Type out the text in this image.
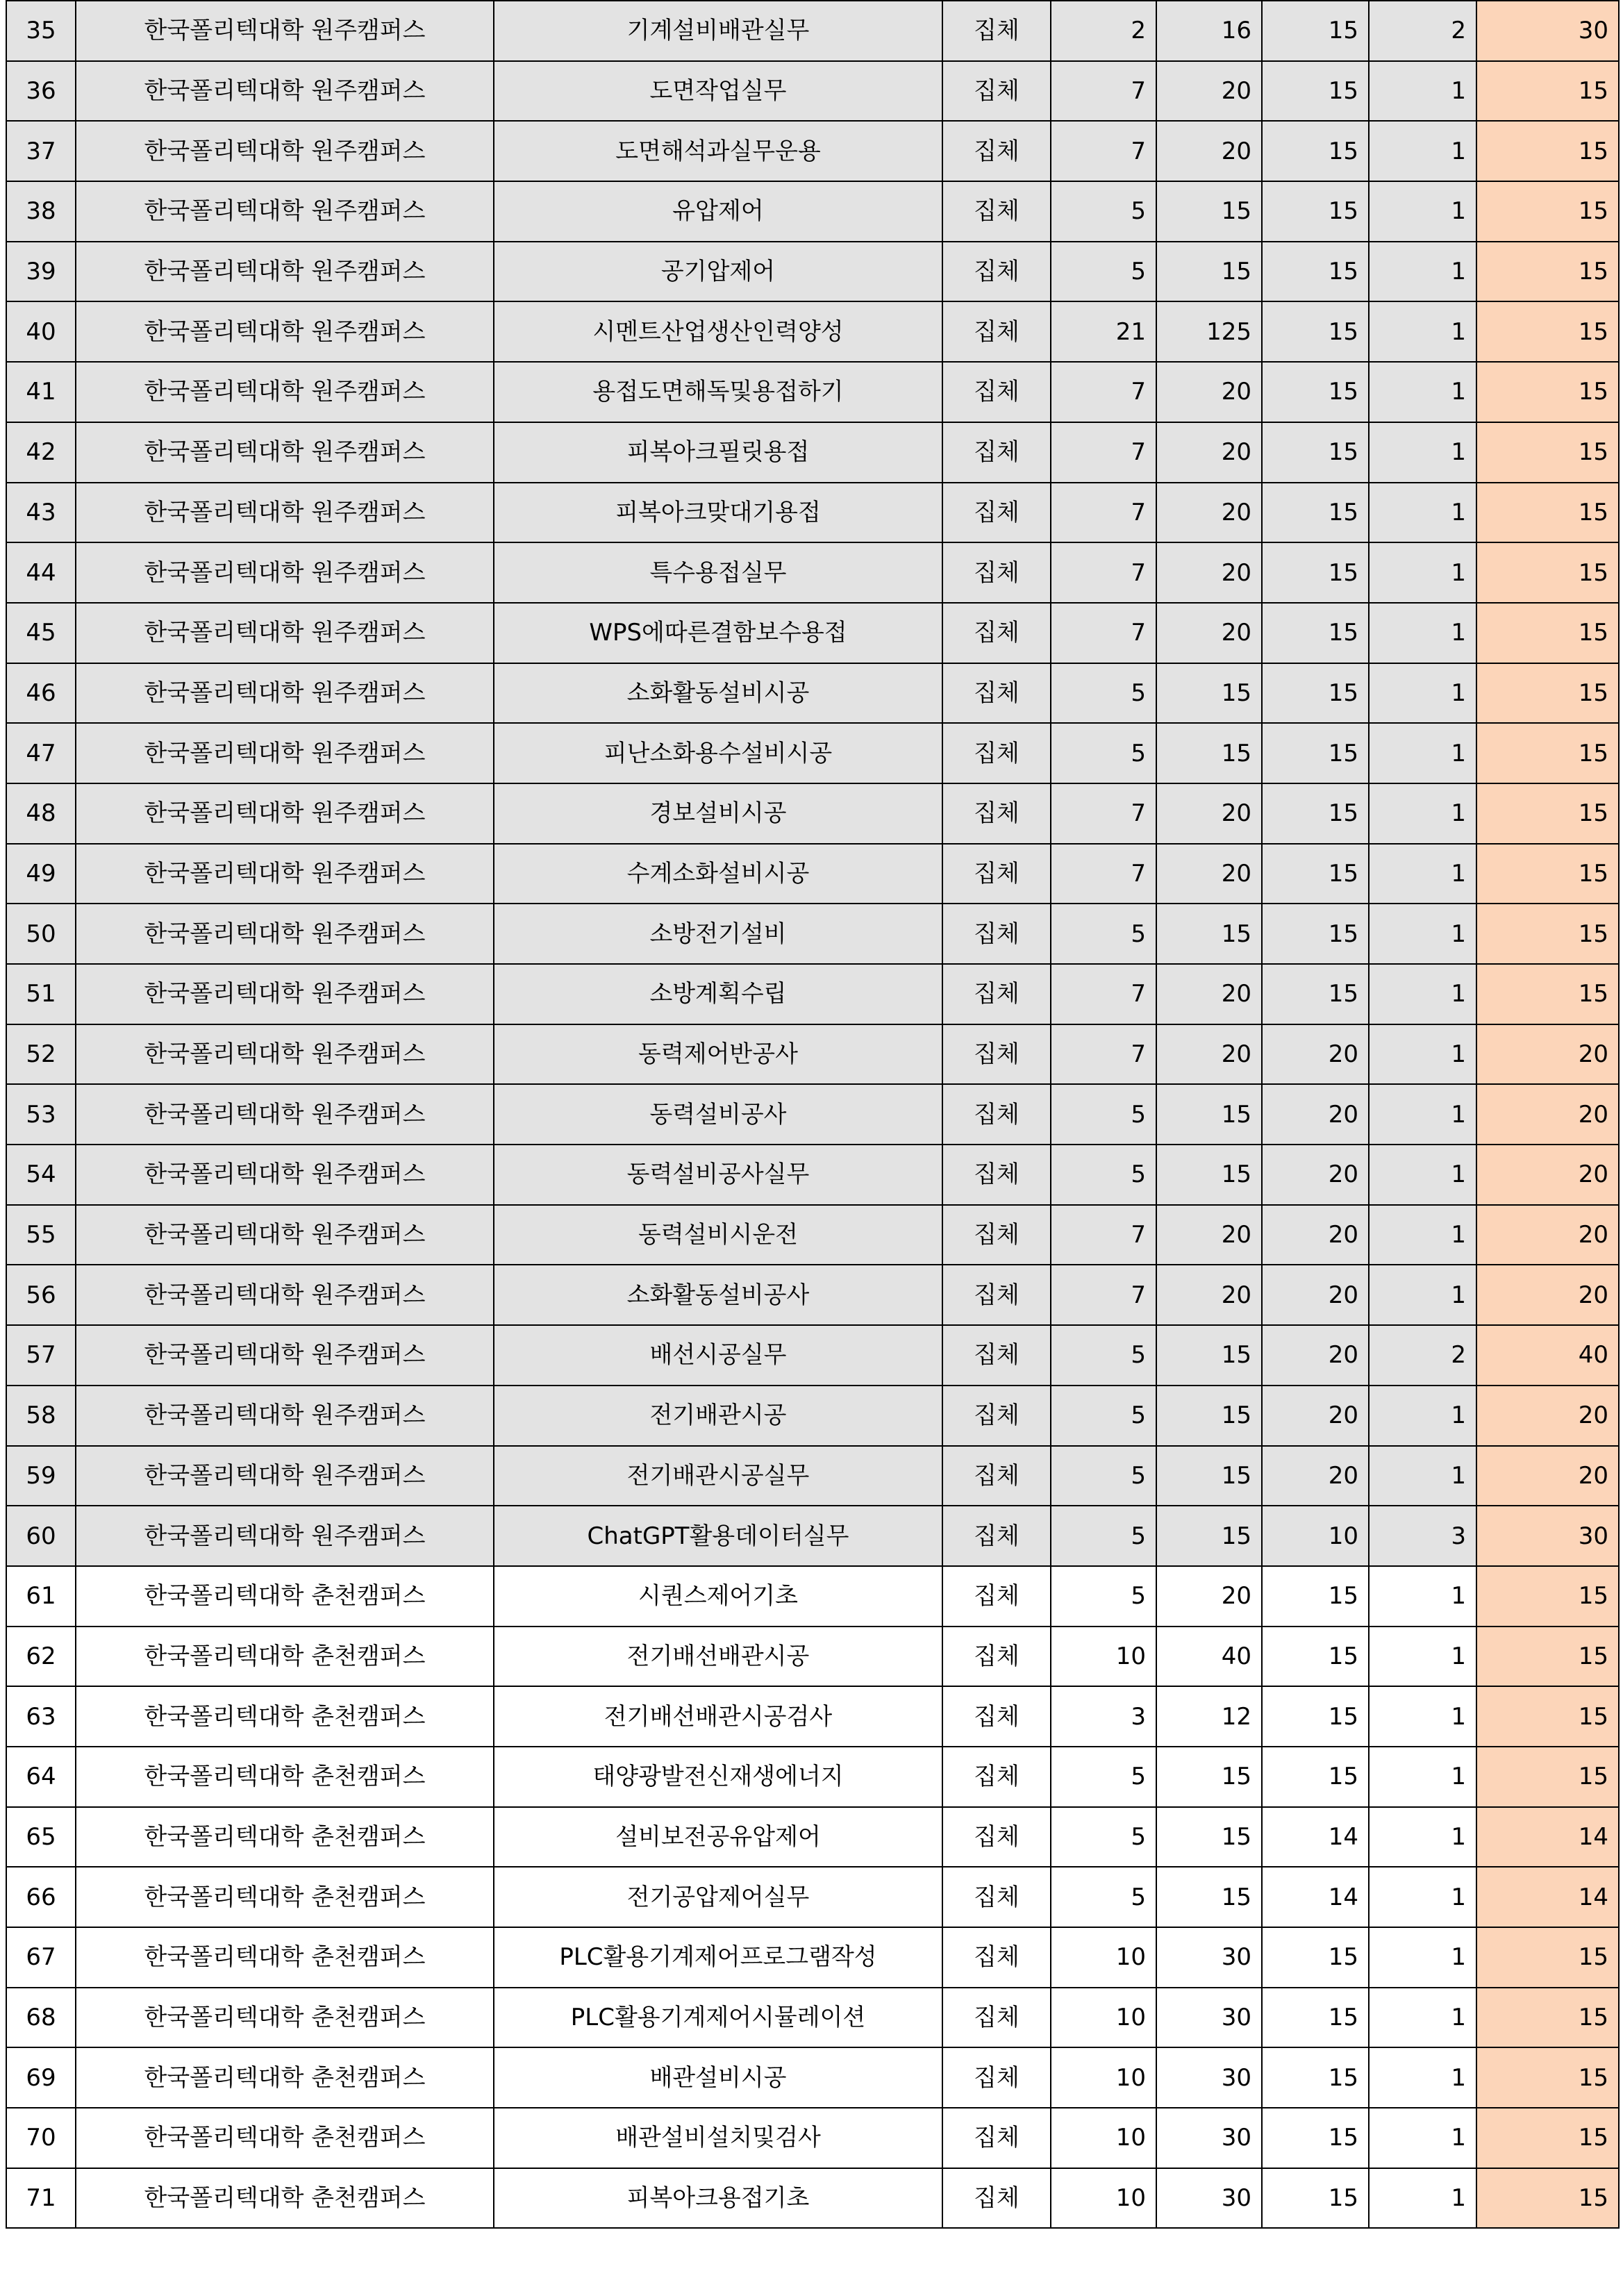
35	한국폴리텍대학 원주캠퍼스	기계설비배관실무	집체	2	16	15	2	30
36	한국폴리텍대학 원주캠퍼스	도면작업실무	집체	7	20	15	1	15
37	한국폴리텍대학 원주캠퍼스	도면해석과실무운용	집체	7	20	15	1	15
38	한국폴리텍대학 원주캠퍼스	유압제어	집체	5	15	15	1	15
39	한국폴리텍대학 원주캠퍼스	공기압제어	집체	5	15	15	1	15
40	한국폴리텍대학 원주캠퍼스	시멘트산업생산인력양성	집체	21	125	15	1	15
41	한국폴리텍대학 원주캠퍼스	용접도면해독및용접하기	집체	7	20	15	1	15
42	한국폴리텍대학 원주캠퍼스	피복아크필릿용접	집체	7	20	15	1	15
43	한국폴리텍대학 원주캠퍼스	피복아크맞대기용접	집체	7	20	15	1	15
44	한국폴리텍대학 원주캠퍼스	특수용접실무	집체	7	20	15	1	15
45	한국폴리텍대학 원주캠퍼스	WPS에따른결함보수용접	집체	7	20	15	1	15
46	한국폴리텍대학 원주캠퍼스	소화활동설비시공	집체	5	15	15	1	15
47	한국폴리텍대학 원주캠퍼스	피난소화용수설비시공	집체	5	15	15	1	15
48	한국폴리텍대학 원주캠퍼스	경보설비시공	집체	7	20	15	1	15
49	한국폴리텍대학 원주캠퍼스	수계소화설비시공	집체	7	20	15	1	15
50	한국폴리텍대학 원주캠퍼스	소방전기설비	집체	5	15	15	1	15
51	한국폴리텍대학 원주캠퍼스	소방계획수립	집체	7	20	15	1	15
52	한국폴리텍대학 원주캠퍼스	동력제어반공사	집체	7	20	20	1	20
53	한국폴리텍대학 원주캠퍼스	동력설비공사	집체	5	15	20	1	20
54	한국폴리텍대학 원주캠퍼스	동력설비공사실무	집체	5	15	20	1	20
55	한국폴리텍대학 원주캠퍼스	동력설비시운전	집체	7	20	20	1	20
56	한국폴리텍대학 원주캠퍼스	소화활동설비공사	집체	7	20	20	1	20
57	한국폴리텍대학 원주캠퍼스	배선시공실무	집체	5	15	20	2	40
58	한국폴리텍대학 원주캠퍼스	전기배관시공	집체	5	15	20	1	20
59	한국폴리텍대학 원주캠퍼스	전기배관시공실무	집체	5	15	20	1	20
60	한국폴리텍대학 원주캠퍼스	ChatGPT활용데이터실무	집체	5	15	10	3	30
61	한국폴리텍대학 춘천캠퍼스	시퀀스제어기초	집체	5	20	15	1	15
62	한국폴리텍대학 춘천캠퍼스	전기배선배관시공	집체	10	40	15	1	15
63	한국폴리텍대학 춘천캠퍼스	전기배선배관시공검사	집체	3	12	15	1	15
64	한국폴리텍대학 춘천캠퍼스	태양광발전신재생에너지	집체	5	15	15	1	15
65	한국폴리텍대학 춘천캠퍼스	설비보전공유압제어	집체	5	15	14	1	14
66	한국폴리텍대학 춘천캠퍼스	전기공압제어실무	집체	5	15	14	1	14
67	한국폴리텍대학 춘천캠퍼스	PLC활용기계제어프로그램작성	집체	10	30	15	1	15
68	한국폴리텍대학 춘천캠퍼스	PLC활용기계제어시뮬레이션	집체	10	30	15	1	15
69	한국폴리텍대학 춘천캠퍼스	배관설비시공	집체	10	30	15	1	15
70	한국폴리텍대학 춘천캠퍼스	배관설비설치및검사	집체	10	30	15	1	15
71	한국폴리텍대학 춘천캠퍼스	피복아크용접기초	집체	10	30	15	1	15
